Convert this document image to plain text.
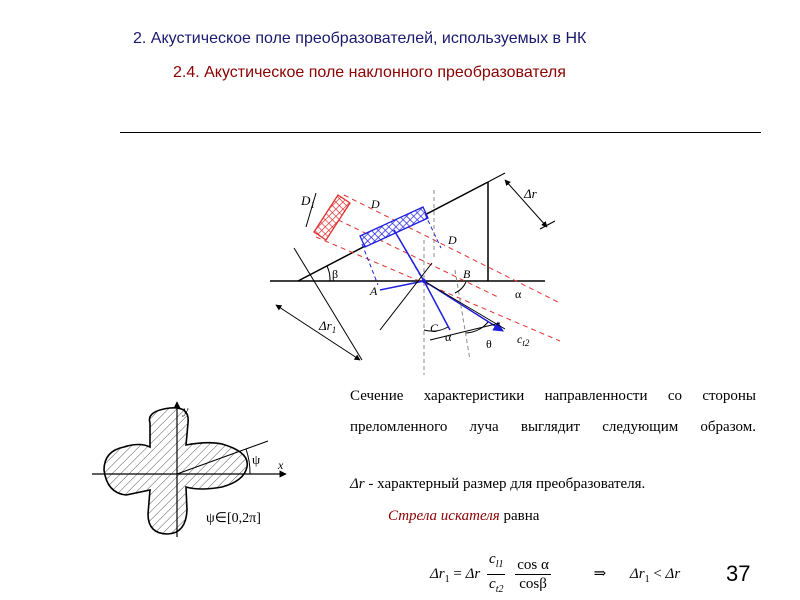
2. Акустическое поле преобразователей, используемых в НК
2.4. Акустическое поле наклонного преобразователя
$D_1$	D
D
B
A
C
β
α
α	θ
Δr
$\Delta r_1$
$c_{t2}$
y
x
ψ
ψ∈[0,2π]
Сечение характеристики направленности со стороны преломленного луча выглядит следующим образом.
Δr - характерный размер для преобразователя.
Стрела искателя равна
$\Delta r_1 = \Delta r \frac{c_{l1}}{c_{t2}}$
$\frac{\text{cos α}}{\cos\beta}$	⇒ $\Delta r_1 < \Delta r$ 37
